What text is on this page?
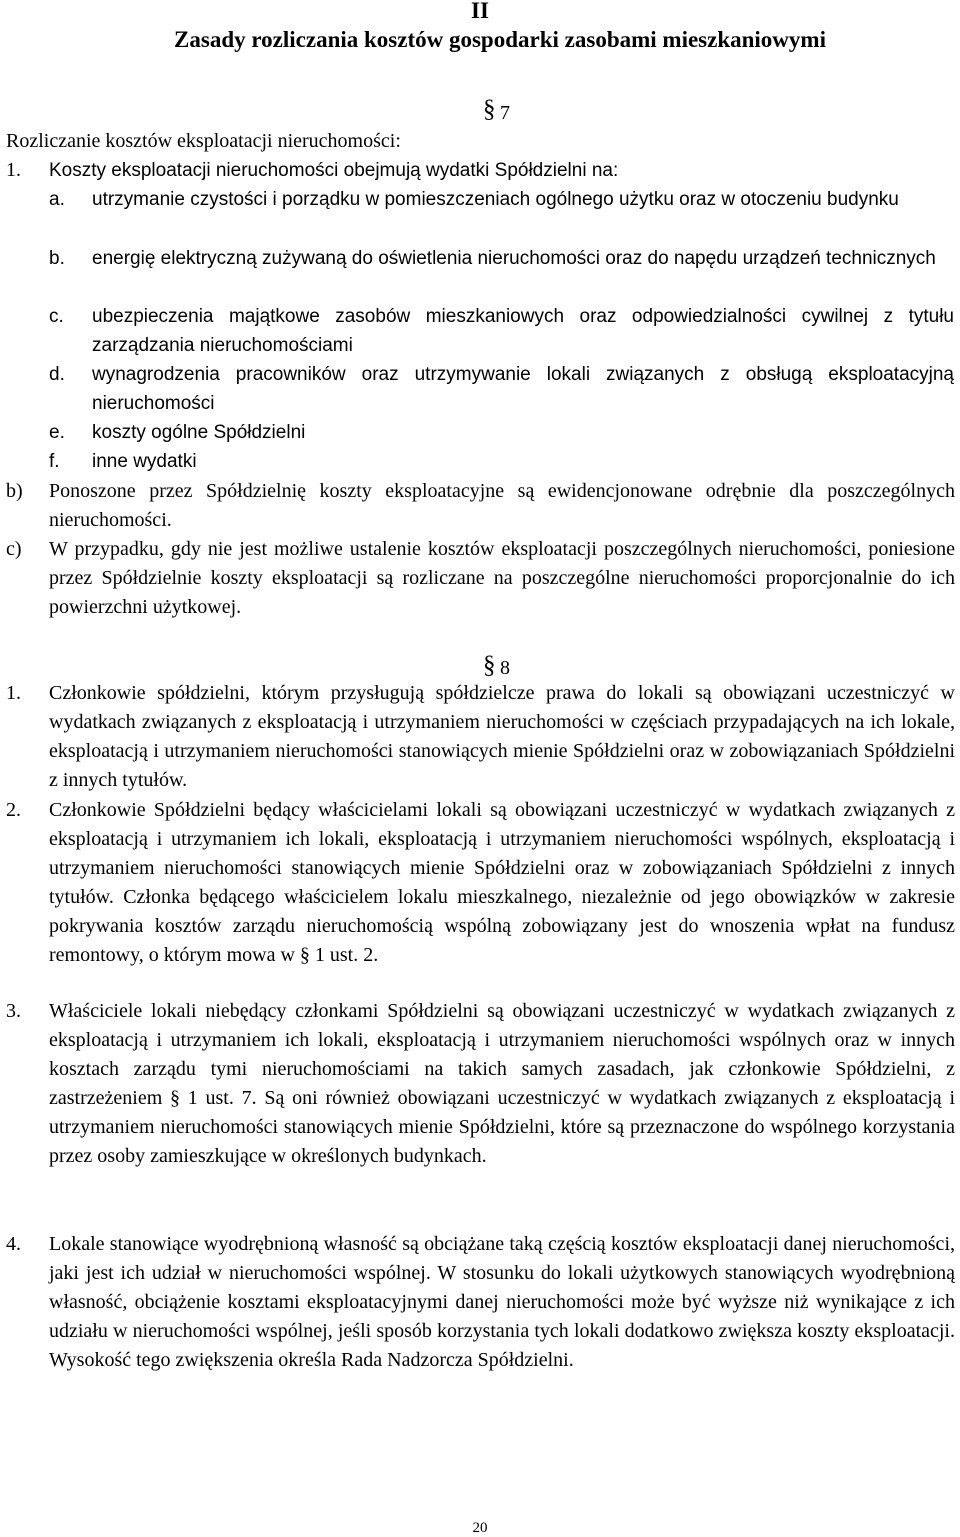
II
Zasady rozliczania kosztów gospodarki zasobami mieszkaniowymi
§ 7
Rozliczanie kosztów eksploatacji nieruchomości:
1. Koszty eksploatacji nieruchomości obejmują wydatki Spółdzielni na:
a. utrzymanie czystości i porządku w pomieszczeniach ogólnego użytku oraz w otoczeniu budynku
b. energię elektryczną zużywaną do oświetlenia nieruchomości oraz do napędu urządzeń technicznych
c. ubezpieczenia majątkowe zasobów mieszkaniowych oraz odpowiedzialności cywilnej z tytułu zarządzania nieruchomościami
d. wynagrodzenia pracowników oraz utrzymywanie lokali związanych z obsługą eksploatacyjną nieruchomości
e. koszty ogólne Spółdzielni
f. inne wydatki
b) Ponoszone przez Spółdzielnię koszty eksploatacyjne są ewidencjonowane odrębnie dla poszczególnych nieruchomości.
c) W przypadku, gdy nie jest możliwe ustalenie kosztów eksploatacji poszczególnych nieruchomości, poniesione przez Spółdzielnie koszty eksploatacji są rozliczane na poszczególne nieruchomości proporcjonalnie do ich powierzchni użytkowej.
§ 8
1. Członkowie spółdzielni, którym przysługują spółdzielcze prawa do lokali są obowiązani uczestniczyć w wydatkach związanych z eksploatacją i utrzymaniem nieruchomości w częściach przypadających na ich lokale, eksploatacją i utrzymaniem nieruchomości stanowiących mienie Spółdzielni oraz w zobowiązaniach Spółdzielni z innych tytułów.
2. Członkowie Spółdzielni będący właścicielami lokali są obowiązani uczestniczyć w wydatkach związanych z eksploatacją i utrzymaniem ich lokali, eksploatacją i utrzymaniem nieruchomości wspólnych, eksploatacją i utrzymaniem nieruchomości stanowiących mienie Spółdzielni oraz w zobowiązaniach Spółdzielni z innych tytułów. Członka będącego właścicielem lokalu mieszkalnego, niezależnie od jego obowiązków w zakresie pokrywania kosztów zarządu nieruchomością wspólną zobowiązany jest do wnoszenia wpłat na fundusz remontowy, o którym mowa w § 1 ust. 2.
3. Właściciele lokali niebędący członkami Spółdzielni są obowiązani uczestniczyć w wydatkach związanych z eksploatacją i utrzymaniem ich lokali, eksploatacją i utrzymaniem nieruchomości wspólnych oraz w innych kosztach zarządu tymi nieruchomościami na takich samych zasadach, jak członkowie Spółdzielni, z zastrzeżeniem § 1 ust. 7. Są oni również obowiązani uczestniczyć w wydatkach związanych z eksploatacją i utrzymaniem nieruchomości stanowiących mienie Spółdzielni, które są przeznaczone do wspólnego korzystania przez osoby zamieszkujące w określonych budynkach.
4. Lokale stanowiące wyodrębnioną własność są obciążane taką częścią kosztów eksploatacji danej nieruchomości, jaki jest ich udział w nieruchomości wspólnej. W stosunku do lokali użytkowych stanowiących wyodrębnioną własność, obciążenie kosztami eksploatacyjnymi danej nieruchomości może być wyższe niż wynikające z ich udziału w nieruchomości wspólnej, jeśli sposób korzystania tych lokali dodatkowo zwiększa koszty eksploatacji. Wysokość tego zwiększenia określa Rada Nadzorcza Spółdzielni.
20
